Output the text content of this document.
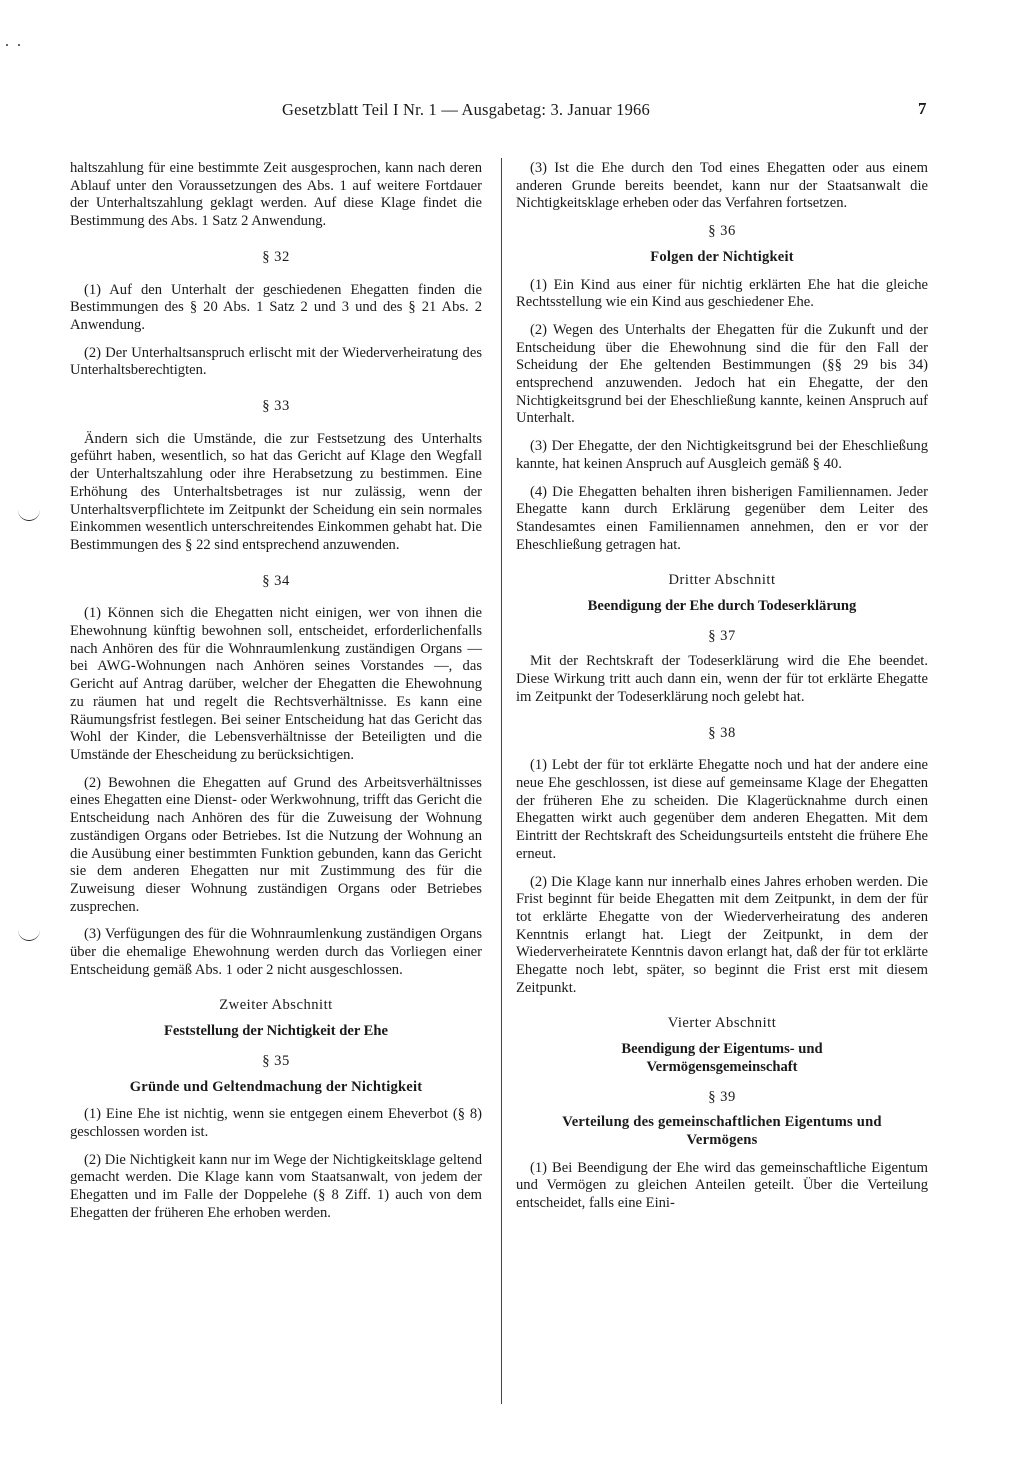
Gesetzblatt Teil I Nr. 1 — Ausgabetag: 3. Januar 1966	7

haltszahlung für eine bestimmte Zeit ausgesprochen, kann nach deren Ablauf unter den Voraussetzungen des Abs. 1 auf weitere Fortdauer der Unterhaltszahlung geklagt werden. Auf diese Klage findet die Bestimmung des Abs. 1 Satz 2 Anwendung.

§ 32

(1) Auf den Unterhalt der geschiedenen Ehegatten finden die Bestimmungen des § 20 Abs. 1 Satz 2 und 3 und des § 21 Abs. 2 Anwendung.

(2) Der Unterhaltsanspruch erlischt mit der Wiederverheiratung des Unterhaltsberechtigten.

§ 33

Ändern sich die Umstände, die zur Festsetzung des Unterhalts geführt haben, wesentlich, so hat das Gericht auf Klage den Wegfall der Unterhaltszahlung oder ihre Herabsetzung zu bestimmen. Eine Erhöhung des Unterhaltsbetrages ist nur zulässig, wenn der Unterhaltsverpflichtete im Zeitpunkt der Scheidung ein sein normales Einkommen wesentlich unterschreitendes Einkommen gehabt hat. Die Bestimmungen des § 22 sind entsprechend anzuwenden.

§ 34

(1) Können sich die Ehegatten nicht einigen, wer von ihnen die Ehewohnung künftig bewohnen soll, entscheidet, erforderlichenfalls nach Anhören des für die Wohnraumlenkung zuständigen Organs — bei AWG-Wohnungen nach Anhören seines Vorstandes —, das Gericht auf Antrag darüber, welcher der Ehegatten die Ehewohnung zu räumen hat und regelt die Rechtsverhältnisse. Es kann eine Räumungsfrist festlegen. Bei seiner Entscheidung hat das Gericht das Wohl der Kinder, die Lebensverhältnisse der Beteiligten und die Umstände der Ehescheidung zu berücksichtigen.

(2) Bewohnen die Ehegatten auf Grund des Arbeitsverhältnisses eines Ehegatten eine Dienst- oder Werkwohnung, trifft das Gericht die Entscheidung nach Anhören des für die Zuweisung der Wohnung zuständigen Organs oder Betriebes. Ist die Nutzung der Wohnung an die Ausübung einer bestimmten Funktion gebunden, kann das Gericht sie dem anderen Ehegatten nur mit Zustimmung des für die Zuweisung dieser Wohnung zuständigen Organs oder Betriebes zusprechen.

(3) Verfügungen des für die Wohnraumlenkung zuständigen Organs über die ehemalige Ehewohnung werden durch das Vorliegen einer Entscheidung gemäß Abs. 1 oder 2 nicht ausgeschlossen.

Zweiter Abschnitt
Feststellung der Nichtigkeit der Ehe
§ 35
Gründe und Geltendmachung der Nichtigkeit

(1) Eine Ehe ist nichtig, wenn sie entgegen einem Eheverbot (§ 8) geschlossen worden ist.

(2) Die Nichtigkeit kann nur im Wege der Nichtigkeitsklage geltend gemacht werden. Die Klage kann vom Staatsanwalt, von jedem der Ehegatten und im Falle der Doppelehe (§ 8 Ziff. 1) auch von dem Ehegatten der früheren Ehe erhoben werden.

(3) Ist die Ehe durch den Tod eines Ehegatten oder aus einem anderen Grunde bereits beendet, kann nur der Staatsanwalt die Nichtigkeitsklage erheben oder das Verfahren fortsetzen.

§ 36
Folgen der Nichtigkeit

(1) Ein Kind aus einer für nichtig erklärten Ehe hat die gleiche Rechtsstellung wie ein Kind aus geschiedener Ehe.

(2) Wegen des Unterhalts der Ehegatten für die Zukunft und der Entscheidung über die Ehewohnung sind die für den Fall der Scheidung der Ehe geltenden Bestimmungen (§§ 29 bis 34) entsprechend anzuwenden. Jedoch hat ein Ehegatte, der den Nichtigkeitsgrund bei der Eheschließung kannte, keinen Anspruch auf Unterhalt.

(3) Der Ehegatte, der den Nichtigkeitsgrund bei der Eheschließung kannte, hat keinen Anspruch auf Ausgleich gemäß § 40.

(4) Die Ehegatten behalten ihren bisherigen Familiennamen. Jeder Ehegatte kann durch Erklärung gegenüber dem Leiter des Standesamtes einen Familiennamen annehmen, den er vor der Eheschließung getragen hat.

Dritter Abschnitt
Beendigung der Ehe durch Todeserklärung
§ 37

Mit der Rechtskraft der Todeserklärung wird die Ehe beendet. Diese Wirkung tritt auch dann ein, wenn der für tot erklärte Ehegatte im Zeitpunkt der Todeserklärung noch gelebt hat.

§ 38

(1) Lebt der für tot erklärte Ehegatte noch und hat der andere eine neue Ehe geschlossen, ist diese auf gemeinsame Klage der Ehegatten der früheren Ehe zu scheiden. Die Klagerücknahme durch einen Ehegatten wirkt auch gegenüber dem anderen Ehegatten. Mit dem Eintritt der Rechtskraft des Scheidungsurteils entsteht die frühere Ehe erneut.

(2) Die Klage kann nur innerhalb eines Jahres erhoben werden. Die Frist beginnt für beide Ehegatten mit dem Zeitpunkt, in dem der für tot erklärte Ehegatte von der Wiederverheiratung des anderen Kenntnis erlangt hat. Liegt der Zeitpunkt, in dem der Wiederverheiratete Kenntnis davon erlangt hat, daß der für tot erklärte Ehegatte noch lebt, später, so beginnt die Frist erst mit diesem Zeitpunkt.

Vierter Abschnitt
Beendigung der Eigentums- und Vermögensgemeinschaft
§ 39
Verteilung des gemeinschaftlichen Eigentums und Vermögens

(1) Bei Beendigung der Ehe wird das gemeinschaftliche Eigentum und Vermögen zu gleichen Anteilen geteilt. Über die Verteilung entscheidet, falls eine Eini-
